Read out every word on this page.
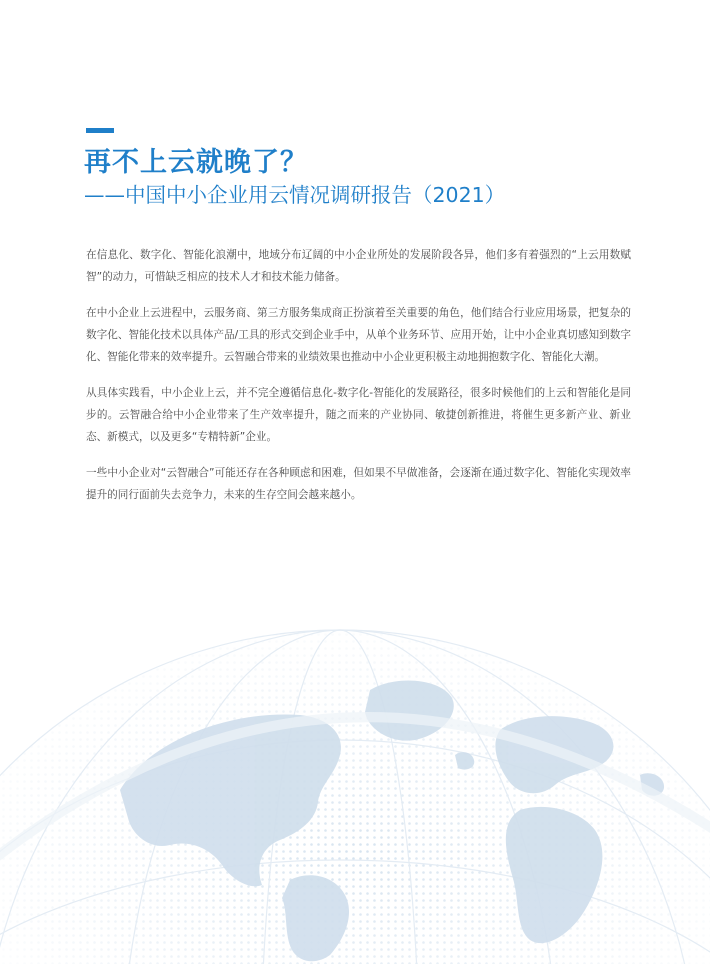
再不上云就晚了？
——中国中小企业用云情况调研报告（2021）

在信息化、数字化、智能化浪潮中，地域分布辽阔的中小企业所处的发展阶段各异，他们多有着强烈的“上云用数赋智”的动力，可惜缺乏相应的技术人才和技术能力储备。

在中小企业上云进程中，云服务商、第三方服务集成商正扮演着至关重要的角色，他们结合行业应用场景，把复杂的数字化、智能化技术以具体产品/工具的形式交到企业手中，从单个业务环节、应用开始，让中小企业真切感知到数字化、智能化带来的效率提升。云智融合带来的业绩效果也推动中小企业更积极主动地拥抱数字化、智能化大潮。

从具体实践看，中小企业上云，并不完全遵循信息化-数字化-智能化的发展路径，很多时候他们的上云和智能化是同步的。云智融合给中小企业带来了生产效率提升，随之而来的产业协同、敏捷创新推进，将催生更多新产业、新业态、新模式，以及更多“专精特新”企业。

一些中小企业对“云智融合”可能还存在各种顾虑和困难，但如果不早做准备，会逐渐在通过数字化、智能化实现效率提升的同行面前失去竞争力，未来的生存空间会越来越小。
